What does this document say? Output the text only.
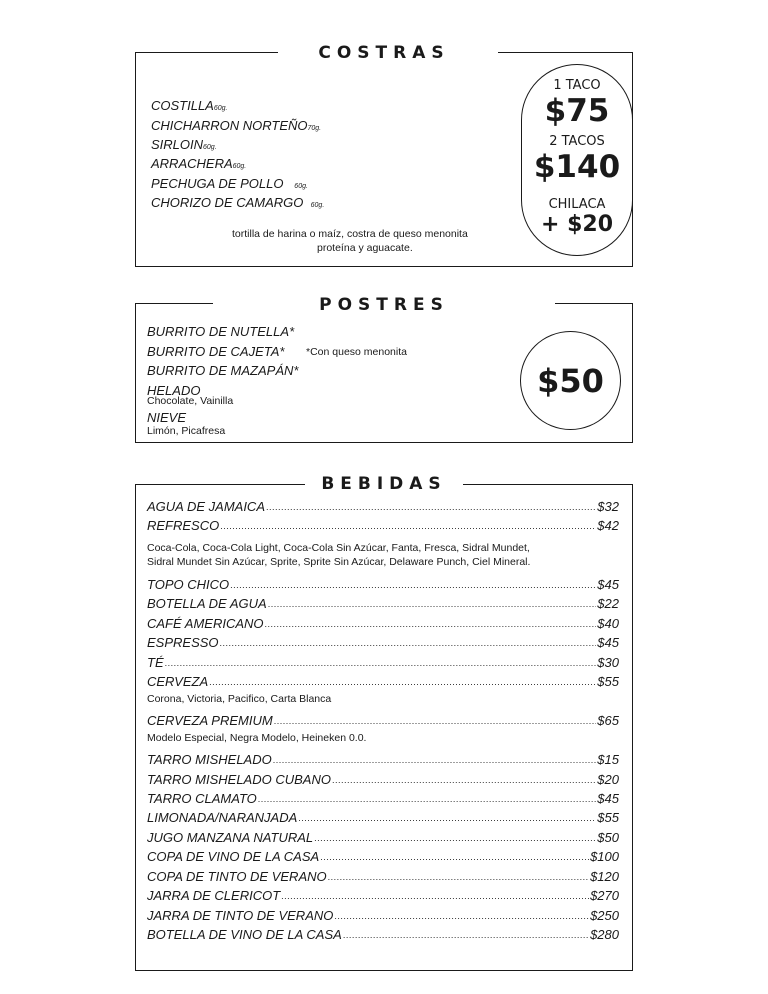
COSTRAS
COSTILLA60g.
CHICHARRON NORTEÑO70g.
SIRLOIN60g.
ARRACHERA60g.
PECHUGA DE POLLO 60g.
CHORIZO DE CAMARGO 60g.
tortilla de harina o maíz, costra de queso menonita
proteína y aguacate.
1 TACO
$75
2 TACOS
$140
CHILACA
+ $20
POSTRES
BURRITO DE NUTELLA*
BURRITO DE CAJETA*
BURRITO DE MAZAPÁN*
HELADO
Chocolate, Vainilla
NIEVE
Limón, Picafresa
*Con queso menonita
$50
BEBIDAS
AGUA DE JAMAICA .....	$32
REFRESCO .....	$42
TOPO CHICO .....	$45
BOTELLA DE AGUA .....	$22
CAFÉ AMERICANO .....	$40
ESPRESSO .....	$45
TÉ .....	$30
CERVEZA .....	$55
CERVEZA PREMIUM .....	$65
TARRO MISHELADO .....	$15
TARRO MISHELADO CUBANO .....	$20
TARRO CLAMATO .....	$45
LIMONADA/NARANJADA .....	$55
JUGO MANZANA NATURAL .....	$50
COPA DE VINO DE LA CASA .....	$100
COPA DE TINTO DE VERANO .....	$120
JARRA DE CLERICOT .....	$270
JARRA DE TINTO DE VERANO .....	$250
BOTELLA DE VINO DE LA CASA .....	$280
Coca-Cola, Coca-Cola Light, Coca-Cola Sin Azúcar, Fanta, Fresca, Sidral Mundet,
Sidral Mundet Sin Azúcar, Sprite, Sprite Sin Azúcar, Delaware Punch, Ciel Mineral.
Corona, Victoria, Pacifico, Carta Blanca
Modelo Especial, Negra Modelo, Heineken 0.0.
